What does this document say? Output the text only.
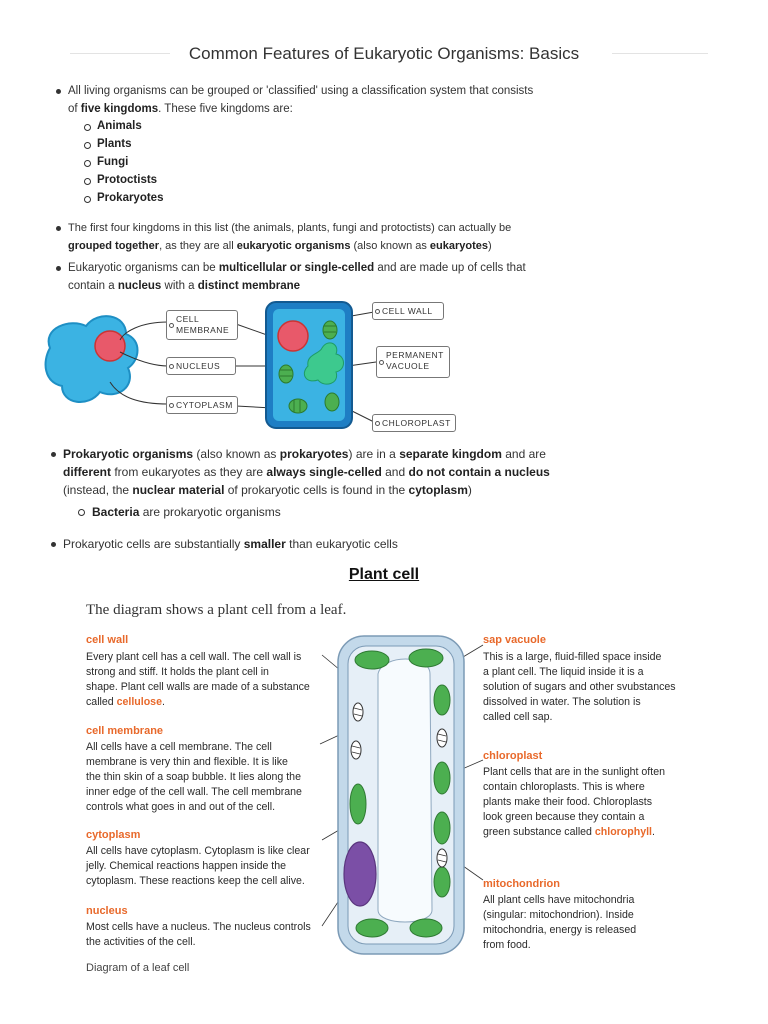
Common Features of Eukaryotic Organisms: Basics
All living organisms can be grouped or 'classified' using a classification system that consists
of five kingdoms. These five kingdoms are:
Animals
Plants
Fungi
Protoctists
Prokaryotes
The first four kingdoms in this list (the animals, plants, fungi and protoctists) can actually be
grouped together, as they are all eukaryotic organisms (also known as eukaryotes)
Eukaryotic organisms can be multicellular or single-celled and are made up of cells that
contain a nucleus with a distinct membrane
CELL
MEMBRANE
NUCLEUS
CYTOPLASM
CELL WALL
PERMANENT
VACUOLE
CHLOROPLAST
Prokaryotic organisms (also known as prokaryotes) are in a separate kingdom and are
different from eukaryotes as they are always single-celled and do not contain a nucleus
(instead, the nuclear material of prokaryotic cells is found in the cytoplasm)
Bacteria are prokaryotic organisms
Prokaryotic cells are substantially smaller than eukaryotic cells
Plant cell
The diagram shows a plant cell from a leaf.
cell wall
Every plant cell has a cell wall. The cell wall is
strong and stiff. It holds the plant cell in
shape. Plant cell walls are made of a substance
called cellulose.
cell membrane
All cells have a cell membrane. The cell
membrane is very thin and flexible. It is like
the thin skin of a soap bubble. It lies along the
inner edge of the cell wall. The cell membrane
controls what goes in and out of the cell.
cytoplasm
All cells have cytoplasm. Cytoplasm is like clear
jelly. Chemical reactions happen inside the
cytoplasm. These reactions keep the cell alive.
nucleus
Most cells have a nucleus. The nucleus controls
the activities of the cell.
sap vacuole
This is a large, fluid-filled space inside
a plant cell. The liquid inside it is a
solution of sugars and other svubstances
dissolved in water. The solution is
called cell sap.
chloroplast
Plant cells that are in the sunlight often
contain chloroplasts. This is where
plants make their food. Chloroplasts
look green because they contain a
green substance called chlorophyll.
mitochondrion
All plant cells have mitochondria
(singular: mitochondrion). Inside
mitochondria, energy is released
from food.
Diagram of a leaf cell
